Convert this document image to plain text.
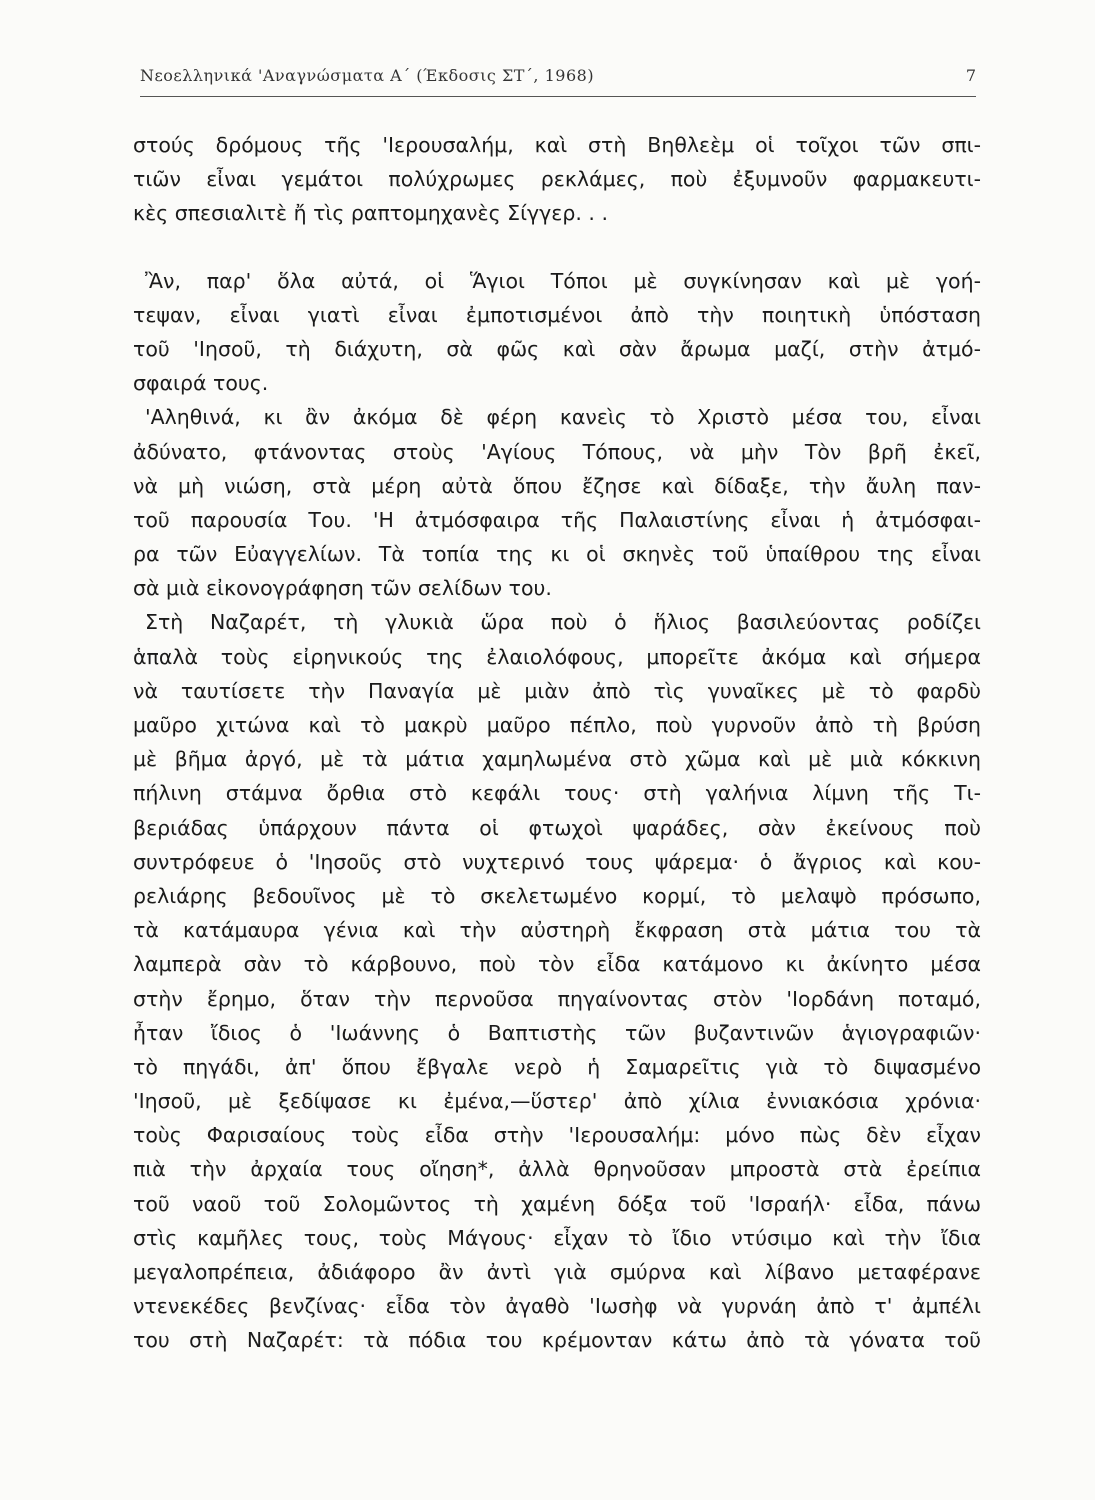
Νεοελληνικά 'Αναγνώσματα Α΄ (Έκδοσις ΣΤ΄, 1968)	7
στούς δρόμους τῆς 'Ιερουσαλήμ, καὶ στὴ Βηθλεὲμ οἱ τοῖχοι τῶν σπι-
τιῶν εἶναι γεμάτοι πολύχρωμες ρεκλάμες, ποὺ ἐξυμνοῦν φαρμακευτι-
κὲς σπεσιαλιτὲ ἤ τὶς ραπτομηχανὲς Σίγγερ. . .
Ἂν, παρ' ὅλα αὐτά, οἱ Ἅγιοι Τόποι μὲ συγκίνησαν καὶ μὲ γοή-
τεψαν, εἶναι γιατὶ εἶναι ἐμποτισμένοι ἀπὸ τὴν ποιητικὴ ὑπόσταση
τοῦ 'Ιησοῦ, τὴ διάχυτη, σὰ φῶς καὶ σὰν ἄρωμα μαζί, στὴν ἀτμό-
σφαιρά τους.
'Αληθινά, κι ἂν ἀκόμα δὲ φέρη κανεὶς τὸ Χριστὸ μέσα του, εἶναι
ἀδύνατο, φτάνοντας στοὺς 'Αγίους Τόπους, νὰ μὴν Τὸν βρῆ ἐκεῖ,
νὰ μὴ νιώση, στὰ μέρη αὐτὰ ὅπου ἔζησε καὶ δίδαξε, τὴν ἄυλη παν-
τοῦ παρουσία Του. 'Η ἀτμόσφαιρα τῆς Παλαιστίνης εἶναι ἡ ἀτμόσφαι-
ρα τῶν Εὐαγγελίων. Τὰ τοπία της κι οἱ σκηνὲς τοῦ ὑπαίθρου της εἶναι
σὰ μιὰ εἰκονογράφηση τῶν σελίδων του.
Στὴ Ναζαρέτ, τὴ γλυκιὰ ὥρα ποὺ ὁ ἥλιος βασιλεύοντας ροδίζει
ἁπαλὰ τοὺς εἰρηνικούς της ἐλαιολόφους, μπορεῖτε ἀκόμα καὶ σήμερα
νὰ ταυτίσετε τὴν Παναγία μὲ μιὰν ἀπὸ τὶς γυναῖκες μὲ τὸ φαρδὺ
μαῦρο χιτώνα καὶ τὸ μακρὺ μαῦρο πέπλο, ποὺ γυρνοῦν ἀπὸ τὴ βρύση
μὲ βῆμα ἀργό, μὲ τὰ μάτια χαμηλωμένα στὸ χῶμα καὶ μὲ μιὰ κόκκινη
πήλινη στάμνα ὄρθια στὸ κεφάλι τους· στὴ γαλήνια λίμνη τῆς Τι-
βεριάδας ὑπάρχουν πάντα οἱ φτωχοὶ ψαράδες, σὰν ἐκείνους ποὺ
συντρόφευε ὁ 'Ιησοῦς στὸ νυχτερινό τους ψάρεμα· ὁ ἄγριος καὶ κου-
ρελιάρης βεδουῖνος μὲ τὸ σκελετωμένο κορμί, τὸ μελαψὸ πρόσωπο,
τὰ κατάμαυρα γένια καὶ τὴν αὐστηρὴ ἔκφραση στὰ μάτια του τὰ
λαμπερὰ σὰν τὸ κάρβουνο, ποὺ τὸν εἶδα κατάμονο κι ἀκίνητο μέσα
στὴν ἔρημο, ὅταν τὴν περνοῦσα πηγαίνοντας στὸν 'Ιορδάνη ποταμό,
ἦταν ἴδιος ὁ 'Ιωάννης ὁ Βαπτιστὴς τῶν βυζαντινῶν ἁγιογραφιῶν·
τὸ πηγάδι, ἀπ' ὅπου ἔβγαλε νερὸ ἡ Σαμαρεῖτις γιὰ τὸ διψασμένο
'Ιησοῦ, μὲ ξεδίψασε κι ἐμένα,—ὕστερ' ἀπὸ χίλια ἐννιακόσια χρόνια·
τοὺς Φαρισαίους τοὺς εἶδα στὴν 'Ιερουσαλήμ: μόνο πὼς δὲν εἶχαν
πιὰ τὴν ἀρχαία τους οἴηση*, ἀλλὰ θρηνοῦσαν μπροστὰ στὰ ἐρείπια
τοῦ ναοῦ τοῦ Σολομῶντος τὴ χαμένη δόξα τοῦ 'Ισραήλ· εἶδα, πάνω
στὶς καμῆλες τους, τοὺς Μάγους· εἶχαν τὸ ἴδιο ντύσιμο καὶ τὴν ἴδια
μεγαλοπρέπεια, ἀδιάφορο ἂν ἀντὶ γιὰ σμύρνα καὶ λίβανο μεταφέρανε
ντενεκέδες βενζίνας· εἶδα τὸν ἀγαθὸ 'Ιωσὴφ νὰ γυρνάη ἀπὸ τ' ἀμπέλι
του στὴ Ναζαρέτ: τὰ πόδια του κρέμονταν κάτω ἀπὸ τὰ γόνατα τοῦ
